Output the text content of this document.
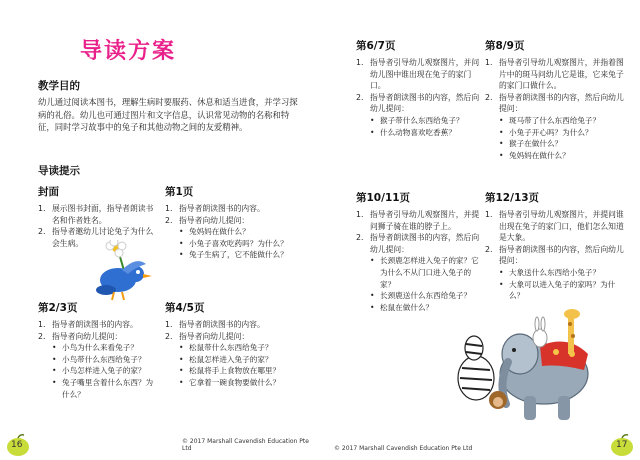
导读方案
教学目的
幼儿通过阅读本图书，理解生病时要服药、休息和适当进食，并学习探病的礼俗。幼儿也可通过图片和文字信息，认识常见动物的名称和特征，同时学习故事中的兔子和其他动物之间的友爱精神。
导读提示
封面
1. 展示图书封面，指导者朗读书名和作者姓名。
2. 指导者邀幼儿讨论兔子为什么会生病。
第1页
1. 指导者朗读图书的内容。
2. 指导者向幼儿提问：
• 兔妈妈在做什么？
• 小兔子喜欢吃药吗？为什么？
• 兔子生病了，它不能做什么？
第2/3页
1. 指导者朗读图书的内容。
2. 指导者向幼儿提问：
• 小鸟为什么来看兔子？
• 小鸟带什么东西给兔子？
• 小鸟怎样进入兔子的家？
• 兔子嘴里含着什么东西？为什么？
第4/5页
1. 指导者朗读图书的内容。
2. 指导者向幼儿提问：
• 松鼠带什么东西给兔子？
• 松鼠怎样进入兔子的家？
• 松鼠将手上食物放在哪里？
• 它拿着一碗食物要做什么？
16	© 2017 Marshall Cavendish Education Pte Ltd
第6/7页
1. 指导者引导幼儿观察图片，并问幼儿图中谁出现在兔子的家门口。
2. 指导者朗读图书的内容，然后向幼儿提问：
• 猴子带什么东西给兔子？
• 什么动物喜欢吃香蕉？
第8/9页
1. 指导者引导幼儿观察图片，并指着图片中的斑马问幼儿它是谁，它来兔子的家门口做什么。
2. 指导者朗读图书的内容，然后向幼儿提问：
• 斑马带了什么东西给兔子？
• 小兔子开心吗？为什么？
• 猴子在做什么？
• 兔妈妈在做什么？
第10/11页
1. 指导者引导幼儿观察图片，并提问狮子骑在谁的脖子上。
2. 指导者朗读图书的内容，然后向幼儿提问：
• 长颈鹿怎样进入兔子的家？它为什么不从门口进入兔子的家？
• 长颈鹿送什么东西给兔子？
• 松鼠在做什么？
第12/13页
1. 指导者引导幼儿观察图片，并提问谁出现在兔子的家门口，他们怎么知道是大象。
2. 指导者朗读图书的内容，然后向幼儿提问：
• 大象送什么东西给小兔子？
• 大象可以进入兔子的家吗？为什么？
© 2017 Marshall Cavendish Education Pte Ltd	17
